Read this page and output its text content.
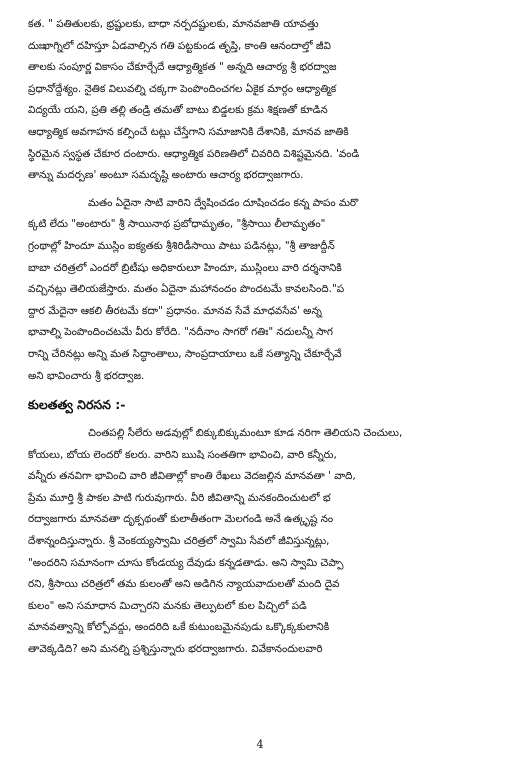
కత. " పతితులకు, భ్రష్టులకు, బాధా నర్పదష్టులకు, మానవజాతి యావత్తు

దుఃఖాగ్నిలో దహిస్తూ ఏడవాల్సిన గతి పట్టకుండ తృప్తి, కాంతి ఆనందాల్తో జీవి

తాలకు సంపూర్ణ వికాసం చేకూర్చేదే ఆధ్యాత్మికత " అన్నది ఆచార్య శ్రీ భరద్వాజ

ప్రధానోద్దేశ్యం. నైతిక విలువల్ని చక్కగా పెంపొందించగల ఏకైక మార్గం ఆధ్యాత్మిక

విద్యయే యని, ప్రతి తల్లి తండ్రి తమతో బాటు బిడ్డలకు క్రమ శిక్షణతో కూడిన

ఆధ్యాత్మిక అవగాహన కల్పించే టట్లు చేస్తేగాని సమాజానికి దేశానికి, మానవ జాతికి

స్థిరమైన స్వస్థత చేకూర దంటారు. ఆధ్యాత్మిక పరిణతిలో చివరిది విశిష్టమైనది. 'వండి

తాన్ను మదర్పణ' అంటూ సమదృష్టి అంటారు ఆచార్య భరద్వాజగారు.

మతం ఏదైనా సాటి వారిని ద్వేషించడం దూషించడం కన్న పాపం మరొ

క్కటి లేదు "అంటారు" శ్రీ సాయినాథ ప్రబోధామృతం, "శ్రీసాయి లీలామృతం"

గ్రంథాల్లో హిందూ ముస్లిం ఐక్యతకు శ్రీశిరిడీసాయి పాటు పడినట్లు, "శ్రీ తాజుద్దీన్

బాబా చరిత్రలో ఎందరో బ్రిటీషు అధికారులూ హిందూ, ముస్లింలు వారి దర్శనానికి

వచ్చినట్లు తెలియజేస్తారు. మతం ఏదైనా మహానందం పొందటమే కావలసింది."ప

ద్దార మేదైనా ఆకలి తీరటమే కదా" ప్రధానం. మానవ సేవే మాధవసేవ' అన్న

భావాల్ని పెంపొందించటమే వీరు కోరేది. "నదీనాం సాగరో గతిః" నదులన్నీ సాగ

రాన్ని చేరినట్లు అన్ని మత సిద్ధాంతాలు, సాంప్రదాయాలు ఒకే సత్యాన్ని చేకూర్చేవే

అని భావించారు శ్రీ భరద్వాజ.

కులతత్వ నిరసన :-

చింతపల్లి సీలేరు అడవుల్లో బిక్కుబిక్కుమంటూ కూడ నరిగా తెలియని చెంచులు,

కోయలు, బోయ లెందరో కలరు. వారిని ఋషి సంతతిగా భావించి, వారి కన్నీరు,

వన్నీరు తనవిగా భావించి వారి జీవితాల్లో కాంతి రేఖలు వెదజల్లిన మానవతా ' వాది,

ప్రేమ మూర్తి శ్రీ పాకల పాటి గురువుగారు. వీరి జీవితాన్ని మనకందించుటలో భ

రద్వాజగారు మానవతా దృక్పథంతో కులాతీతంగా మెలగండి అనే ఉత్కృష్ట నం

దేశాన్నందిస్తున్నారు. శ్రీ వెంకయ్యస్వామి చరిత్రలో స్వామి సేవలో జీవిస్తున్నట్లు,

"అందరిని సమానంగా చూసు కోండయ్య దేవుడు కన్నడతాడు. అని స్వామి చెప్పా

రని, శ్రీసాయి చరిత్రలో తమ కులంతో అని అడిగిన న్యాయవాదులతో మంది దైవ

కులం" అని సమాధాన మిచ్చారని మనకు తెల్పుటలో కుల పిచ్చిలో పడి

మానవత్వాన్ని కోల్పోవద్దు, అందరిది ఒకే కుటుంబమైనపుడు ఒక్కొక్కకులానికి

తావెక్కడిది? అని మనల్ని ప్రశ్నిస్తున్నారు భరద్వాజగారు. వివేకానందులవారి

4
